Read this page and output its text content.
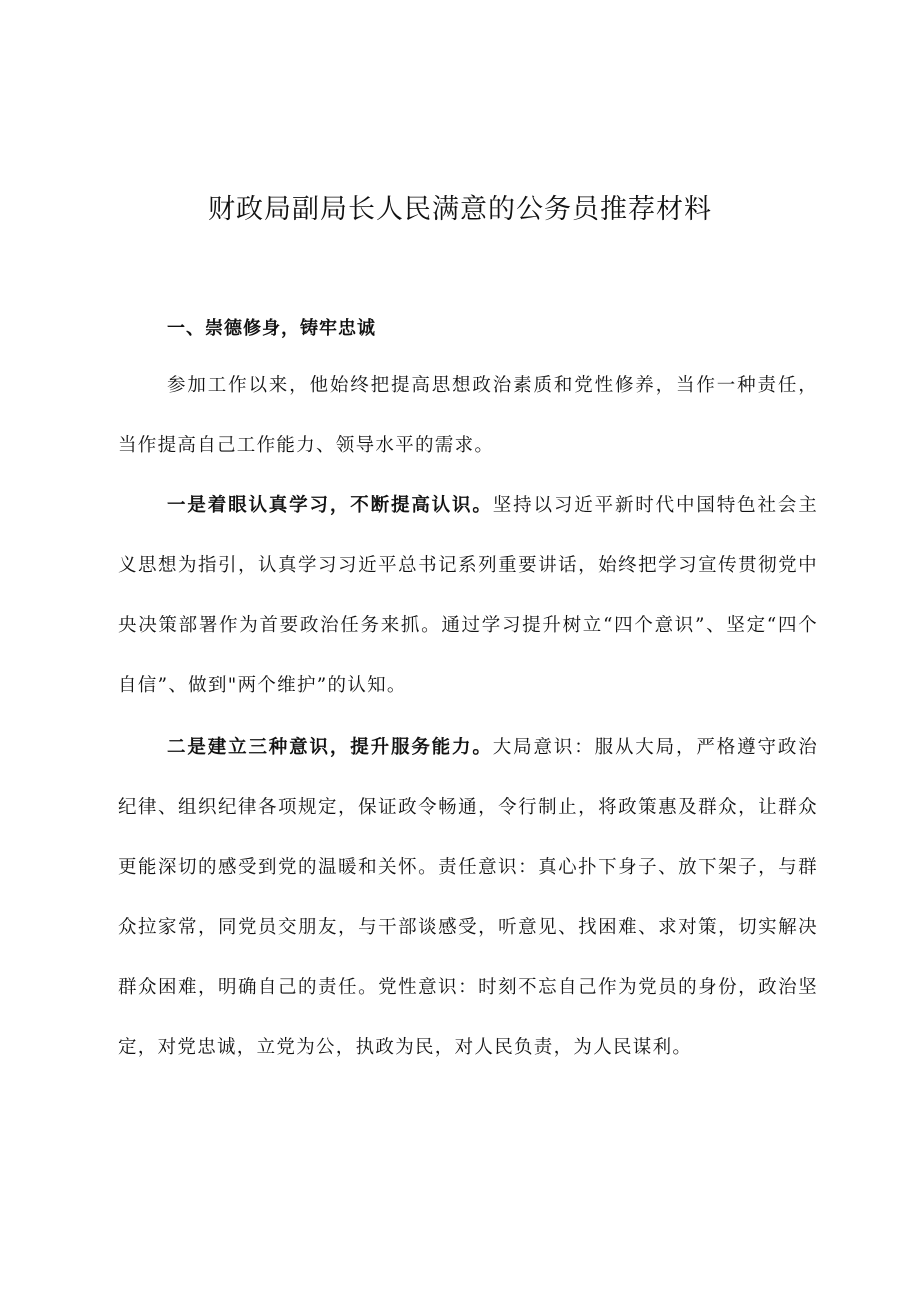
财政局副局长人民满意的公务员推荐材料
一、崇德修身，铸牢忠诚

参加工作以来，他始终把提高思想政治素质和党性修养，当作一种责任，当作提高自己工作能力、领导水平的需求。

一是着眼认真学习，不断提高认识。坚持以习近平新时代中国特色社会主义思想为指引，认真学习习近平总书记系列重要讲话，始终把学习宣传贯彻党中央决策部署作为首要政治任务来抓。通过学习提升树立“四个意识”、坚定“四个自信”、做到"两个维护”的认知。

二是建立三种意识，提升服务能力。大局意识：服从大局，严格遵守政治纪律、组织纪律各项规定，保证政令畅通，令行制止，将政策惠及群众，让群众更能深切的感受到党的温暖和关怀。责任意识：真心扑下身子、放下架子，与群众拉家常，同党员交朋友，与干部谈感受，听意见、找困难、求对策，切实解决群众困难，明确自己的责任。党性意识：时刻不忘自己作为党员的身份，政治坚定，对党忠诚，立党为公，执政为民，对人民负责，为人民谋利。
